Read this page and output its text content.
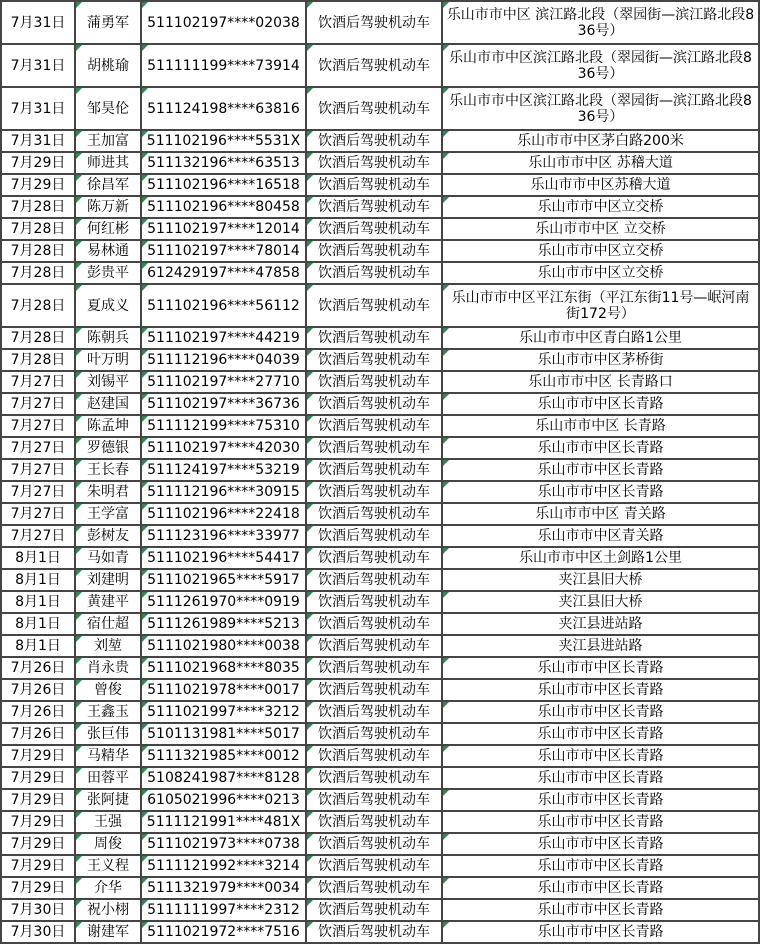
7月31日	蒲勇军	511102197****02038	饮酒后驾驶机动车	乐山市市中区 滨江路北段（翠园街—滨江路北段836号）
7月31日	胡桃瑜	511111199****73914	饮酒后驾驶机动车	乐山市市中区滨江路北段（翠园街—滨江路北段836号）
7月31日	邹昊伦	511124198****63816	饮酒后驾驶机动车	乐山市市中区滨江路北段（翠园街—滨江路北段836号）
7月31日	王加富	511102196****5531X	饮酒后驾驶机动车	乐山市市中区茅白路200米
7月29日	师进其	511132196****63513	饮酒后驾驶机动车	乐山市市中区 苏稽大道
7月29日	徐昌军	511102196****16518	饮酒后驾驶机动车	乐山市市中区苏稽大道
7月28日	陈万新	511102196****80458	饮酒后驾驶机动车	乐山市市中区立交桥
7月28日	何红彬	511102197****12014	饮酒后驾驶机动车	乐山市市中区 立交桥
7月28日	易林通	511102197****78014	饮酒后驾驶机动车	乐山市市中区立交桥
7月28日	彭贵平	612429197****47858	饮酒后驾驶机动车	乐山市市中区立交桥
7月28日	夏成义	511102196****56112	饮酒后驾驶机动车	乐山市市中区平江东街（平江东街11号—岷河南街172号）
7月28日	陈朝兵	511102197****44219	饮酒后驾驶机动车	乐山市市中区青白路1公里
7月28日	叶万明	511112196****04039	饮酒后驾驶机动车	乐山市市中区茅桥街
7月27日	刘锡平	511102197****27710	饮酒后驾驶机动车	乐山市市中区 长青路口
7月27日	赵建国	511102197****36736	饮酒后驾驶机动车	乐山市市中区长青路
7月27日	陈孟坤	511112199****75310	饮酒后驾驶机动车	乐山市市中区 长青路
7月27日	罗德银	511102197****42030	饮酒后驾驶机动车	乐山市市中区长青路
7月27日	王长春	511124197****53219	饮酒后驾驶机动车	乐山市市中区长青路
7月27日	朱明君	511112196****30915	饮酒后驾驶机动车	乐山市市中区长青路
7月27日	王学富	511102196****22418	饮酒后驾驶机动车	乐山市市中区 青关路
7月27日	彭树友	511123196****33977	饮酒后驾驶机动车	乐山市市中区青关路
8月1日	马如青	511102196****54417	饮酒后驾驶机动车	乐山市市中区土剑路1公里
8月1日	刘建明	5111021965****5917	饮酒后驾驶机动车	夹江县旧大桥
8月1日	黄建平	5111261970****0919	饮酒后驾驶机动车	夹江县旧大桥
8月1日	宿仕超	5111261989****5213	饮酒后驾驶机动车	夹江县进站路
8月1日	刘堃	5111021980****0038	饮酒后驾驶机动车	夹江县进站路
7月26日	肖永贵	5111021968****8035	饮酒后驾驶机动车	乐山市市中区长青路
7月26日	曾俊	5111021978****0017	饮酒后驾驶机动车	乐山市市中区长青路
7月26日	王鑫玉	5111021997****3212	饮酒后驾驶机动车	乐山市市中区长青路
7月26日	张巨伟	5101131981****5017	饮酒后驾驶机动车	乐山市市中区长青路
7月29日	马精华	5111321985****0012	饮酒后驾驶机动车	乐山市市中区长青路
7月29日	田蓉平	5108241987****8128	饮酒后驾驶机动车	乐山市市中区长青路
7月29日	张阿捷	6105021996****0213	饮酒后驾驶机动车	乐山市市中区长青路
7月29日	王强	5111121991****481X	饮酒后驾驶机动车	乐山市市中区长青路
7月29日	周俊	5111021973****0738	饮酒后驾驶机动车	乐山市市中区长青路
7月29日	王义程	5111121992****3214	饮酒后驾驶机动车	乐山市市中区长青路
7月29日	介华	5111321979****0034	饮酒后驾驶机动车	乐山市市中区长青路
7月30日	祝小栩	5111111997****2312	饮酒后驾驶机动车	乐山市市中区长青路
7月30日	谢建军	5111021972****7516	饮酒后驾驶机动车	乐山市市中区长青路
